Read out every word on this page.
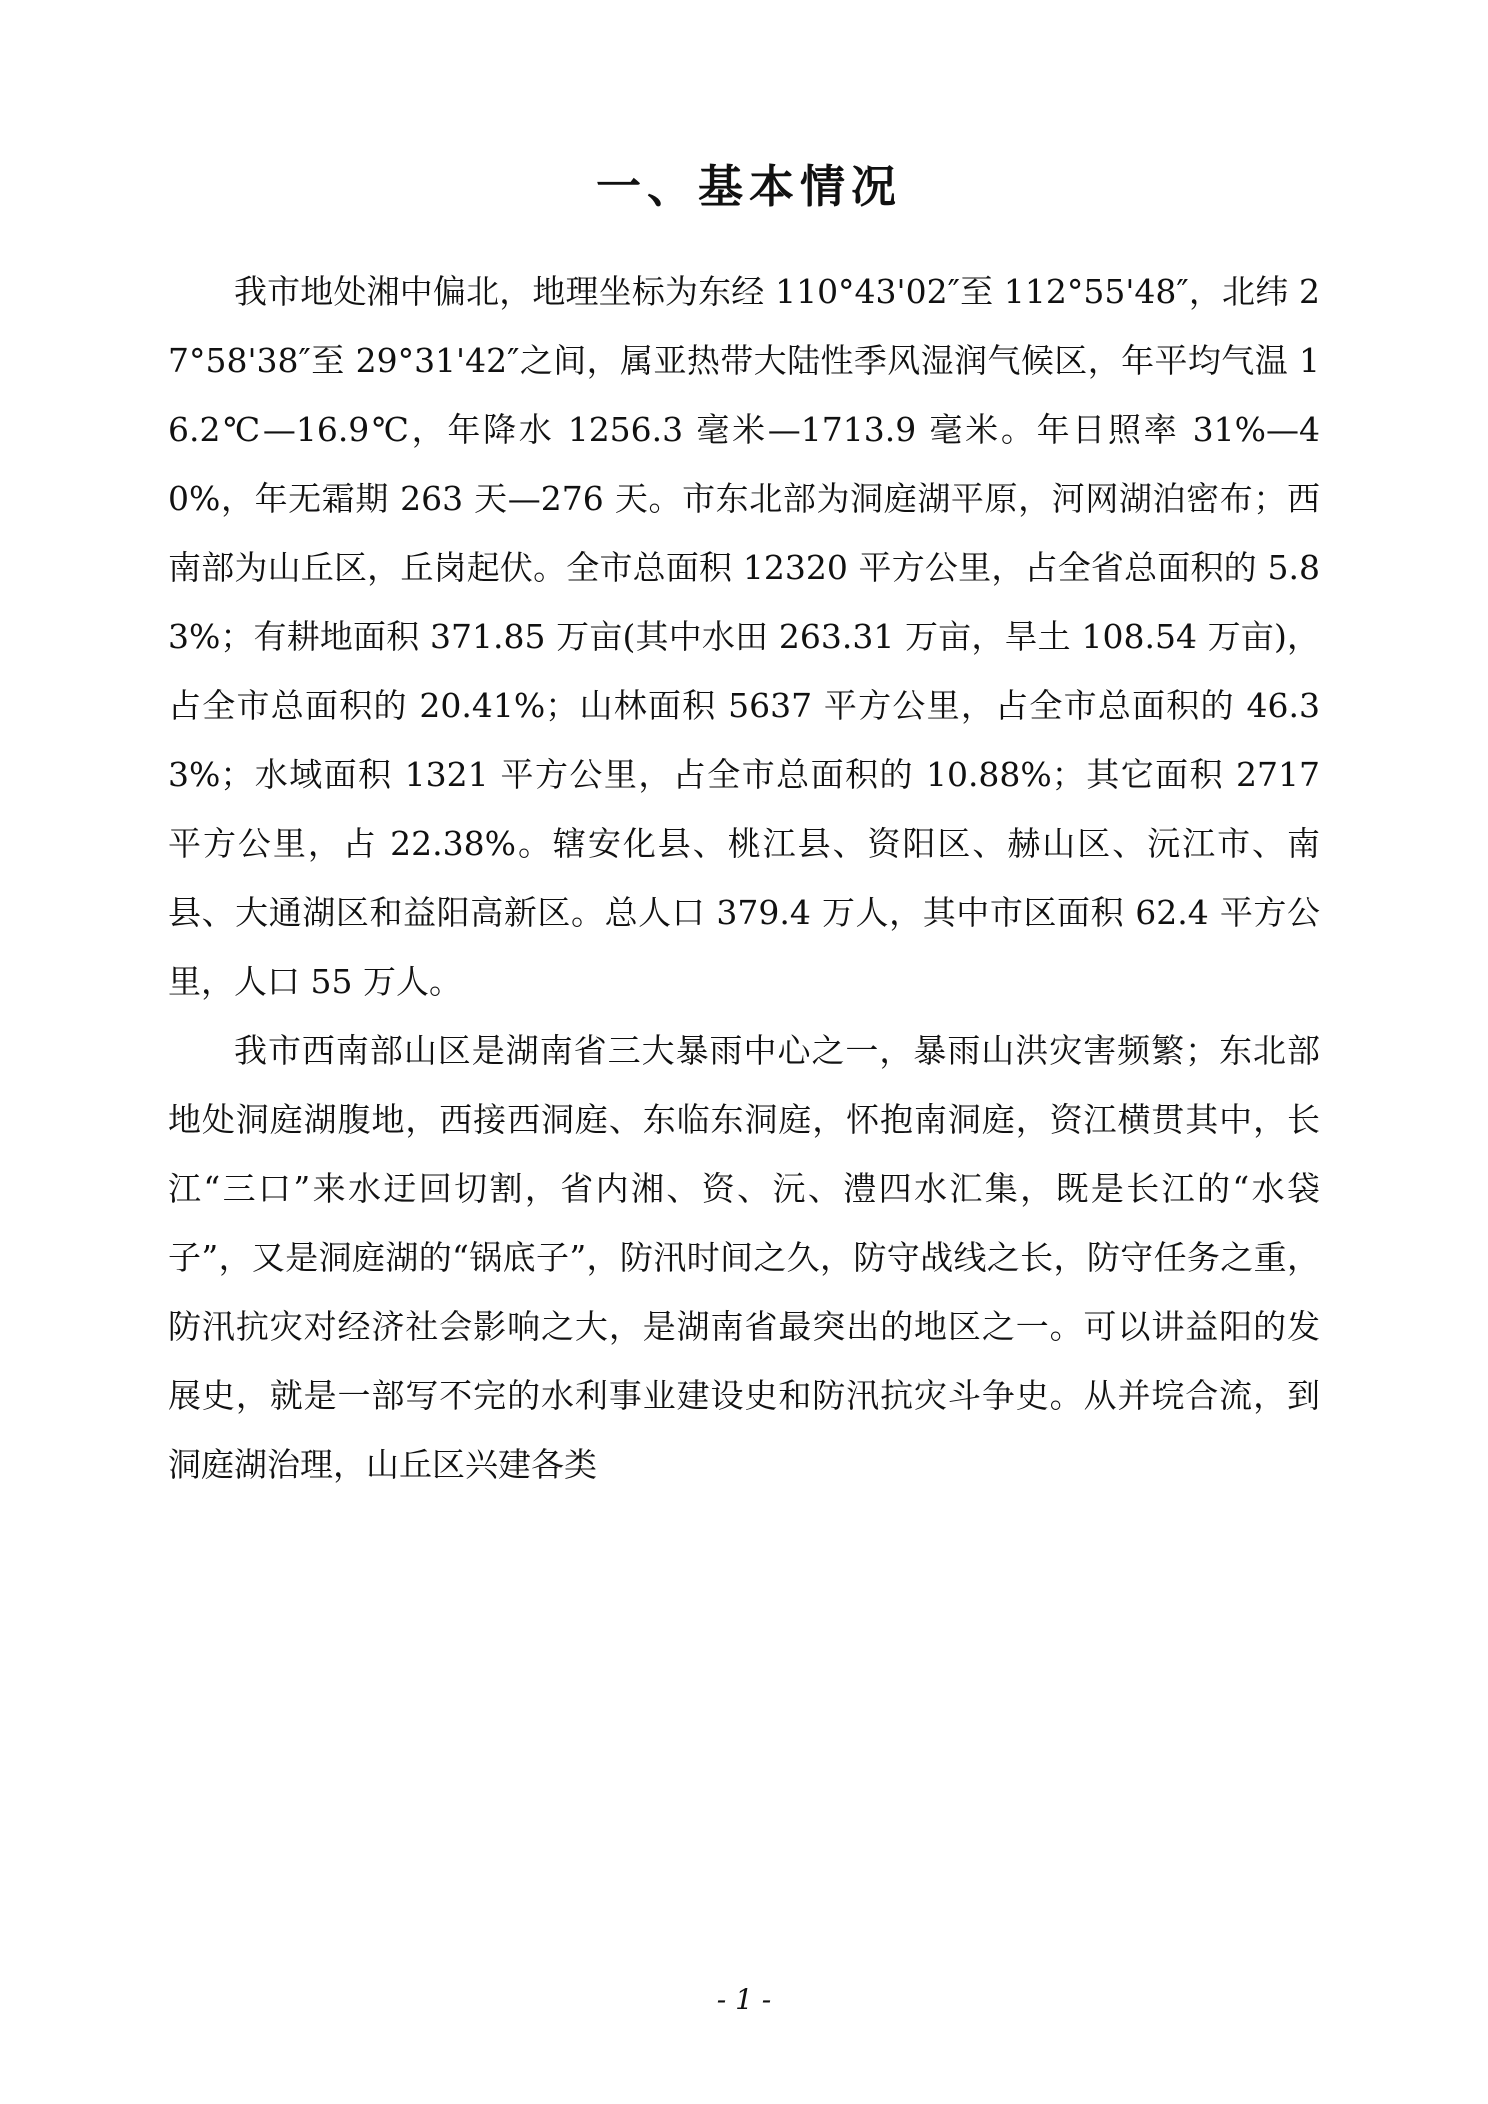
一、基本情况

我市地处湘中偏北，地理坐标为东经 110°43'02″至 112°55'48″，北纬 27°58'38″至 29°31'42″之间，属亚热带大陆性季风湿润气候区，年平均气温 16.2℃—16.9℃，年降水 1256.3 毫米—1713.9 毫米。年日照率 31%—40%，年无霜期 263 天—276 天。市东北部为洞庭湖平原，河网湖泊密布；西南部为山丘区，丘岗起伏。全市总面积 12320 平方公里，占全省总面积的 5.83%；有耕地面积 371.85 万亩(其中水田 263.31 万亩，旱土 108.54 万亩)，占全市总面积的 20.41%；山林面积 5637 平方公里，占全市总面积的 46.33%；水域面积 1321 平方公里，占全市总面积的 10.88%；其它面积 2717 平方公里，占 22.38%。辖安化县、桃江县、资阳区、赫山区、沅江市、南县、大通湖区和益阳高新区。总人口 379.4 万人，其中市区面积 62.4 平方公里，人口 55 万人。

我市西南部山区是湖南省三大暴雨中心之一，暴雨山洪灾害频繁；东北部地处洞庭湖腹地，西接西洞庭、东临东洞庭，怀抱南洞庭，资江横贯其中，长江“三口”来水迂回切割，省内湘、资、沅、澧四水汇集，既是长江的“水袋子”，又是洞庭湖的“锅底子”，防汛时间之久，防守战线之长，防守任务之重，防汛抗灾对经济社会影响之大，是湖南省最突出的地区之一。可以讲益阳的发展史，就是一部写不完的水利事业建设史和防汛抗灾斗争史。从并垸合流，到洞庭湖治理，山丘区兴建各类

- 1 -
